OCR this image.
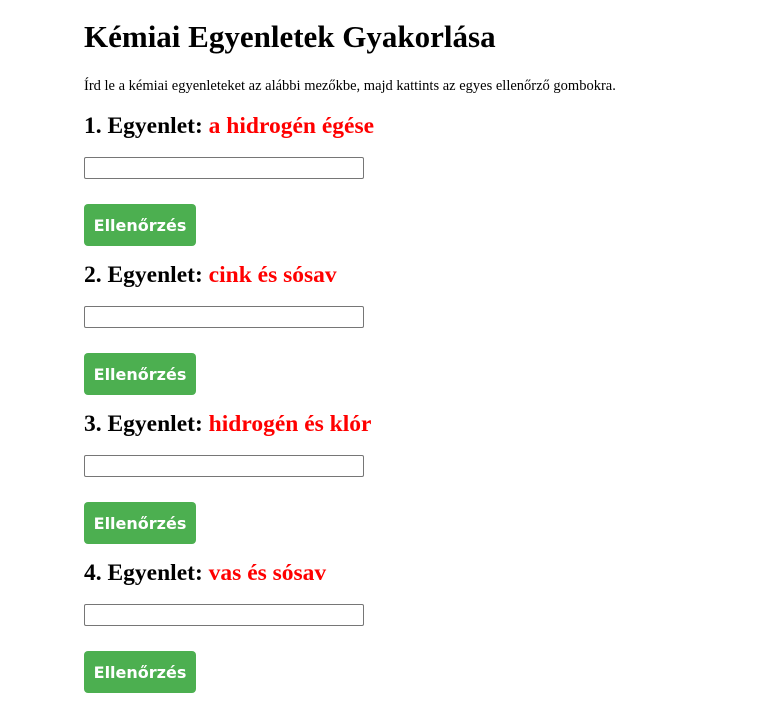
Kémiai Egyenletek Gyakorlása

Írd le a kémiai egyenleteket az alábbi mezőkbe, majd kattints az egyes ellenőrző gombokra.

1. Egyenlet: a hidrogén égése
Ellenőrzés
2. Egyenlet: cink és sósav
Ellenőrzés
3. Egyenlet: hidrogén és klór
Ellenőrzés
4. Egyenlet: vas és sósav
Ellenőrzés
